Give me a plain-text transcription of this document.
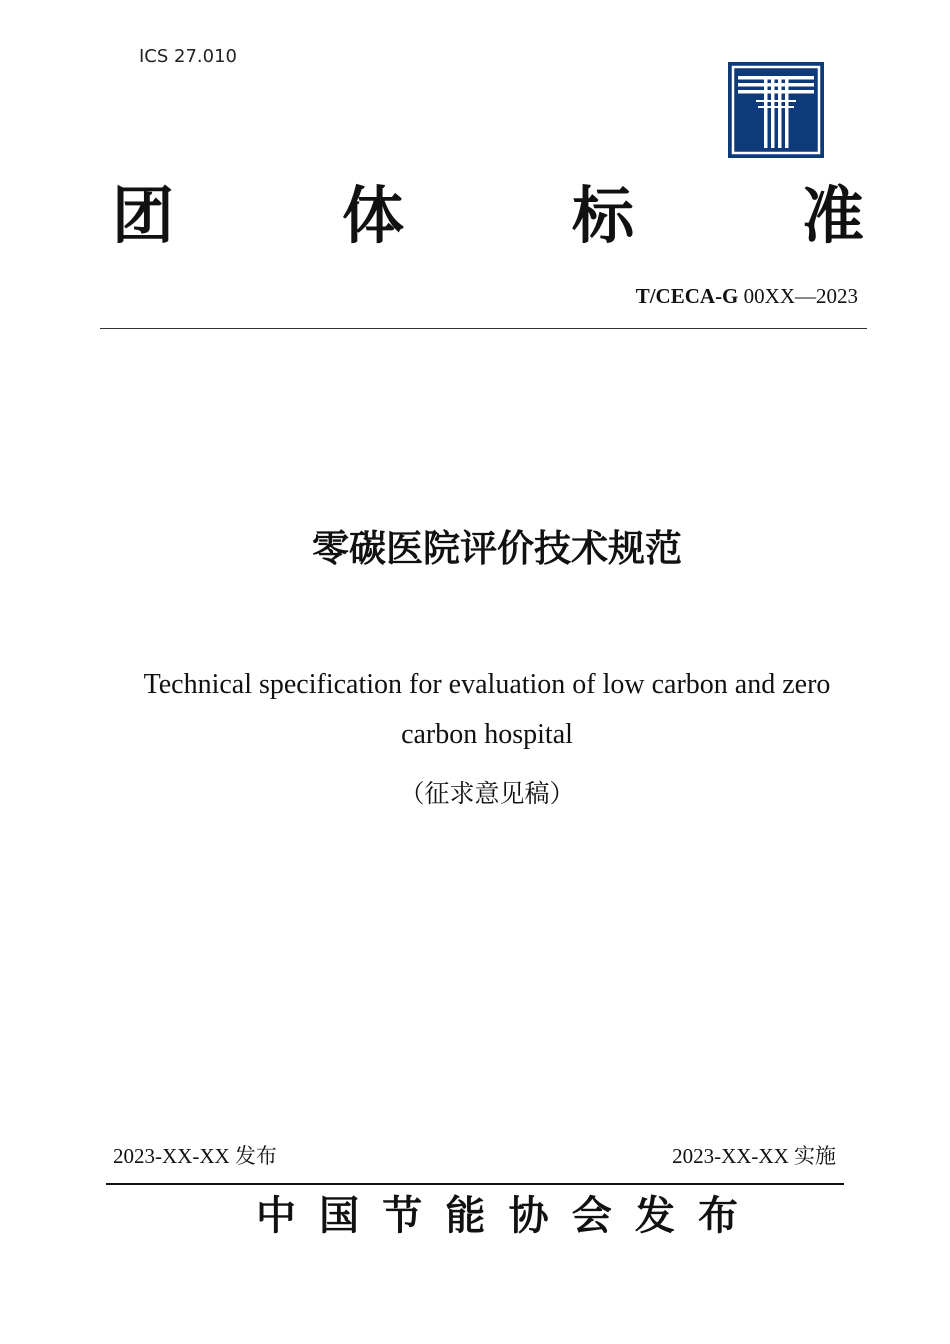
ICS 27.010
团	体	标	准
T/CECA-G 00XX—2023
零碳医院评价技术规范
Technical specification for evaluation of low carbon and zero carbon hospital
（征求意见稿）
2023-XX-XX 发布	2023-XX-XX 实施
中 国 节 能 协 会 发 布
